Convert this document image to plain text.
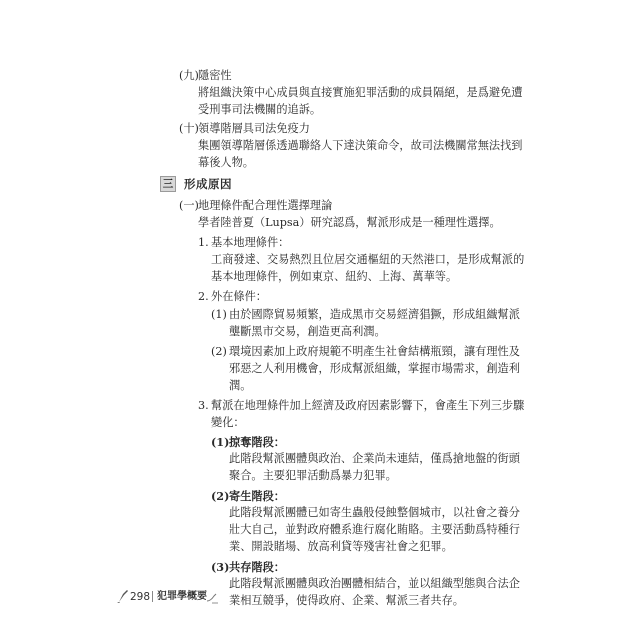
(九) 隱密性
將組織決策中心成員與直接實施犯罪活動的成員隔絕，是爲避免遭
受刑事司法機關的追訴。
(十) 領導階層具司法免疫力
集團領導階層係透過聯絡人下達決策命令，故司法機關常無法找到
幕後人物。
三 形成原因
(一) 地理條件配合理性選擇理論
學者陸普夏（Lupsa）研究認爲，幫派形成是一種理性選擇。
1. 基本地理條件：
工商發達、交易熱烈且位居交通樞紐的天然港口，是形成幫派的
基本地理條件，例如東京、紐約、上海、萬華等。
2. 外在條件：
(1) 由於國際貿易頻繁，造成黑市交易經濟猖獗，形成組織幫派
壟斷黑市交易，創造更高利潤。
(2) 環境因素加上政府規範不明產生社會結構瓶頸，讓有理性及
邪惡之人利用機會，形成幫派組織，掌握市場需求，創造利
潤。
3. 幫派在地理條件加上經濟及政府因素影響下，會產生下列三步驟
變化：
(1) 掠奪階段：
此階段幫派團體與政治、企業尚未連結，僅爲搶地盤的街頭
聚合。主要犯罪活動爲暴力犯罪。
(2) 寄生階段：
此階段幫派團體已如寄生蟲般侵蝕整個城市，以社會之養分
壯大自己，並對政府體系進行腐化賄賂。主要活動爲特種行
業、開設賭場、放高利貸等殘害社會之犯罪。
(3) 共存階段：
此階段幫派團體與政治團體相結合，並以組織型態與合法企
業相互競爭，使得政府、企業、幫派三者共存。
298 犯罪學概要
